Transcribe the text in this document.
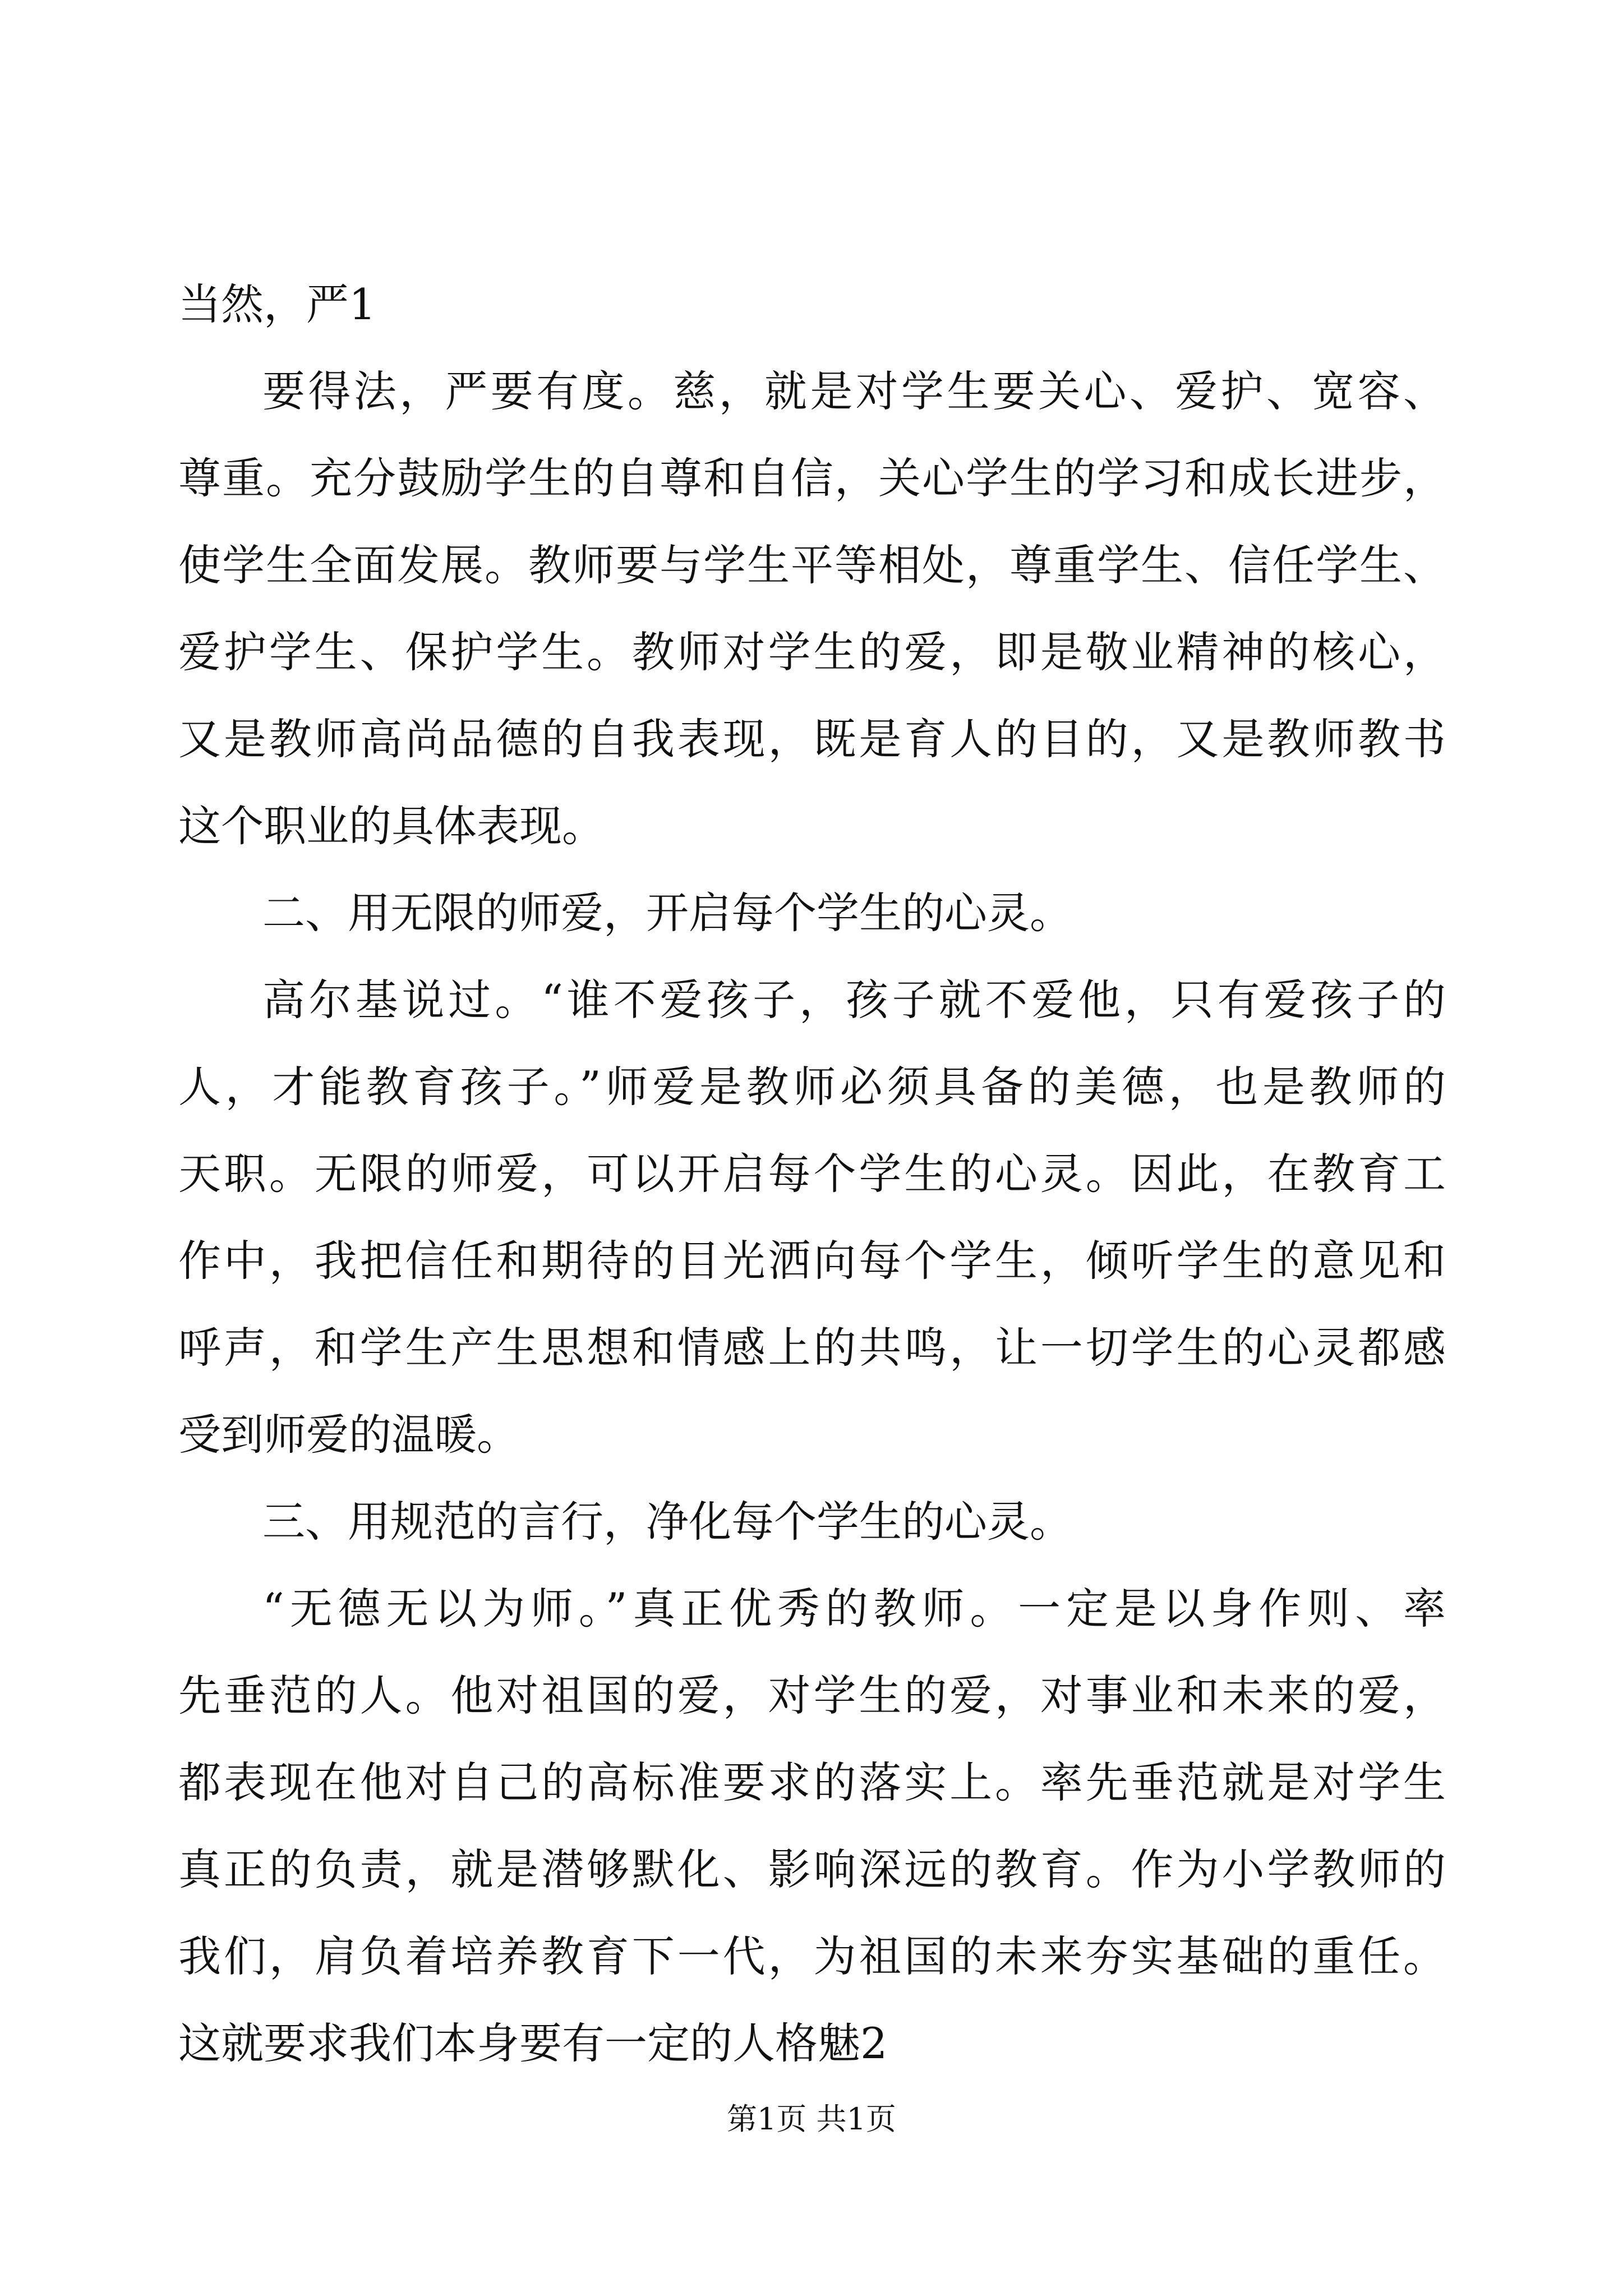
当然，严1
要得法，严要有度。慈，就是对学生要关心、爱护、宽容、
尊重。充分鼓励学生的自尊和自信，关心学生的学习和成长进步，
使学生全面发展。教师要与学生平等相处，尊重学生、信任学生、
爱护学生、保护学生。教师对学生的爱，即是敬业精神的核心，
又是教师高尚品德的自我表现，既是育人的目的，又是教师教书
这个职业的具体表现。
二、用无限的师爱，开启每个学生的心灵。
高尔基说过。“谁不爱孩子，孩子就不爱他，只有爱孩子的
人，才能教育孩子。”师爱是教师必须具备的美德，也是教师的
天职。无限的师爱，可以开启每个学生的心灵。因此，在教育工
作中，我把信任和期待的目光洒向每个学生，倾听学生的意见和
呼声，和学生产生思想和情感上的共鸣，让一切学生的心灵都感
受到师爱的温暖。
三、用规范的言行，净化每个学生的心灵。
“无德无以为师。”真正优秀的教师。一定是以身作则、率
先垂范的人。他对祖国的爱，对学生的爱，对事业和未来的爱，
都表现在他对自己的高标准要求的落实上。率先垂范就是对学生
真正的负责，就是潜够默化、影响深远的教育。作为小学教师的
我们，肩负着培养教育下一代，为祖国的未来夯实基础的重任。
这就要求我们本身要有一定的人格魅2
第1页 共1页
